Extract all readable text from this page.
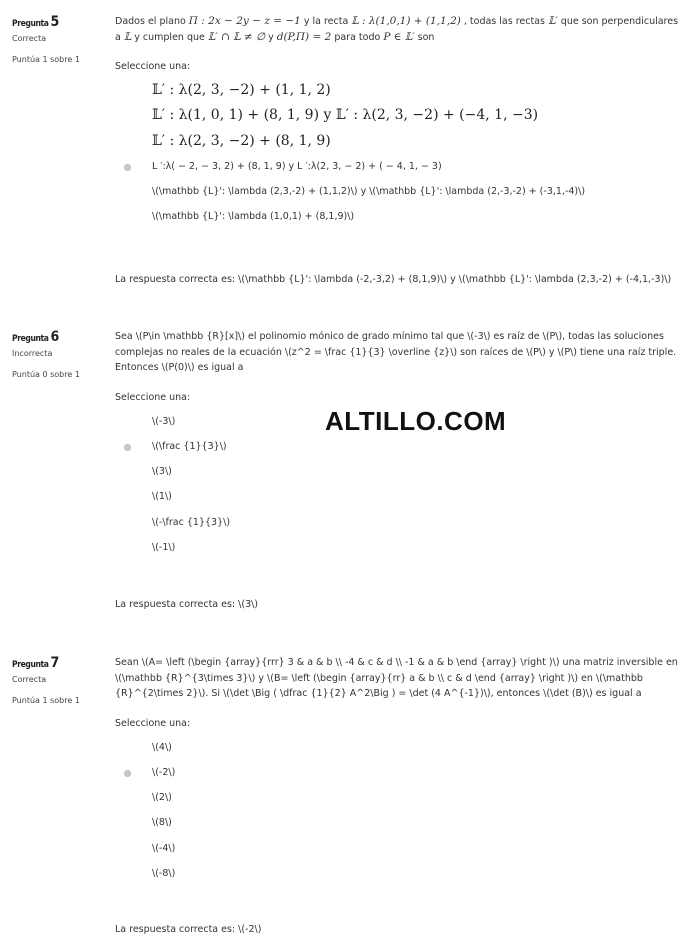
Pregunta 5
Correcta
Puntúa 1 sobre 1
Dados el plano Π : 2x − 2y − z = −1 y la recta 𝕃 : λ(1,0,1) + (1,1,2) , todas las rectas 𝕃′ que son perpendiculares a 𝕃 y cumplen que 𝕃′ ∩ 𝕃 ≠ ∅ y d(P,Π) = 2 para todo P ∈ 𝕃′ son
Seleccione una:
𝕃′ : λ(2, 3, −2) + (1, 1, 2)
𝕃′ : λ(1, 0, 1) + (8, 1, 9) y 𝕃′ : λ(2, 3, −2) + (−4, 1, −3)
𝕃′ : λ(2, 3, −2) + (8, 1, 9)
L ′:λ( − 2, − 3, 2) + (8, 1, 9) y L ′:λ(2, 3, − 2) + ( − 4, 1, − 3)
\(\mathbb {L}': \lambda (2,3,-2) + (1,1,2)\) y \(\mathbb {L}': \lambda (2,-3,-2) + (-3,1,-4)\)
\(\mathbb {L}': \lambda (1,0,1) + (8,1,9)\)
La respuesta correcta es: \(\mathbb {L}': \lambda (-2,-3,2) + (8,1,9)\) y \(\mathbb {L}': \lambda (2,3,-2) + (-4,1,-3)\)
Pregunta 6
Incorrecta
Puntúa 0 sobre 1
Sea \(P\in \mathbb {R}[x]\) el polinomio mónico de grado mínimo tal que \(-3\) es raíz de \(P\), todas las soluciones complejas no reales de la ecuación \(z^2 = \frac {1}{3} \overline {z}\) son raíces de \(P\) y \(P\) tiene una raíz triple. Entonces \(P(0)\) es igual a
Seleccione una:
\(-3\)
\(\frac {1}{3}\)
\(3\)
\(1\)
\(-\frac {1}{3}\)
\(-1\)
La respuesta correcta es: \(3\)
Pregunta 7
Correcta
Puntúa 1 sobre 1
Sean \(A= \left (\begin {array}{rrr} 3 & a & b \\ -4 & c & d \\ -1 & a & b \end {array} \right )\) una matriz inversible en \(\mathbb {R}^{3\times 3}\) y \(B= \left (\begin {array}{rr} a & b \\ c & d \end {array} \right )\) en \(\mathbb {R}^{2\times 2}\). Si \(\det \Big ( \dfrac {1}{2} A^2\Big ) = \det (4 A^{-1})\), entonces \(\det (B)\) es igual a
Seleccione una:
\(4\)
\(-2\)
\(2\)
\(8\)
\(-4\)
\(-8\)
La respuesta correcta es: \(-2\)
ALTILLO.COM
